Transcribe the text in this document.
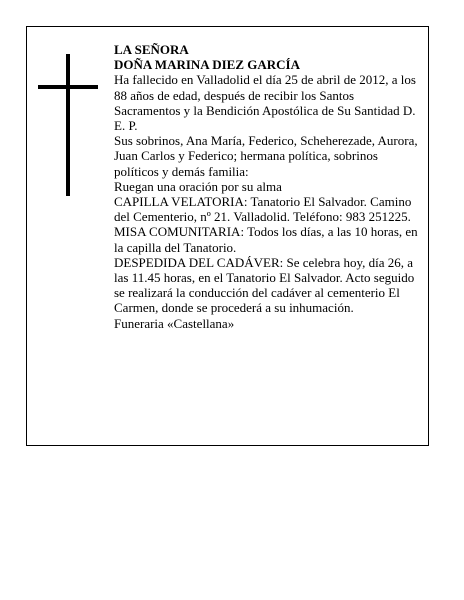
LA SEÑORA

DOÑA MARINA DIEZ GARCÍA

Ha fallecido en Valladolid el día 25 de abril de 2012, a los 88 años de edad, después de recibir los Santos Sacramentos y la Bendición Apostólica de Su Santidad D. E. P.

Sus sobrinos, Ana María, Federico, Scheherezade, Aurora, Juan Carlos y Federico; hermana política, sobrinos políticos y demás familia:

Ruegan una oración por su alma

CAPILLA VELATORIA: Tanatorio El Salvador. Camino del Cementerio, nº 21. Valladolid. Teléfono: 983 251225.

MISA COMUNITARIA: Todos los días, a las 10 horas, en la capilla del Tanatorio.

DESPEDIDA DEL CADÁVER: Se celebra hoy, día 26, a las 11.45 horas, en el Tanatorio El Salvador. Acto seguido se realizará la conducción del cadáver al cementerio El Carmen, donde se procederá a su inhumación.

Funeraria «Castellana»
